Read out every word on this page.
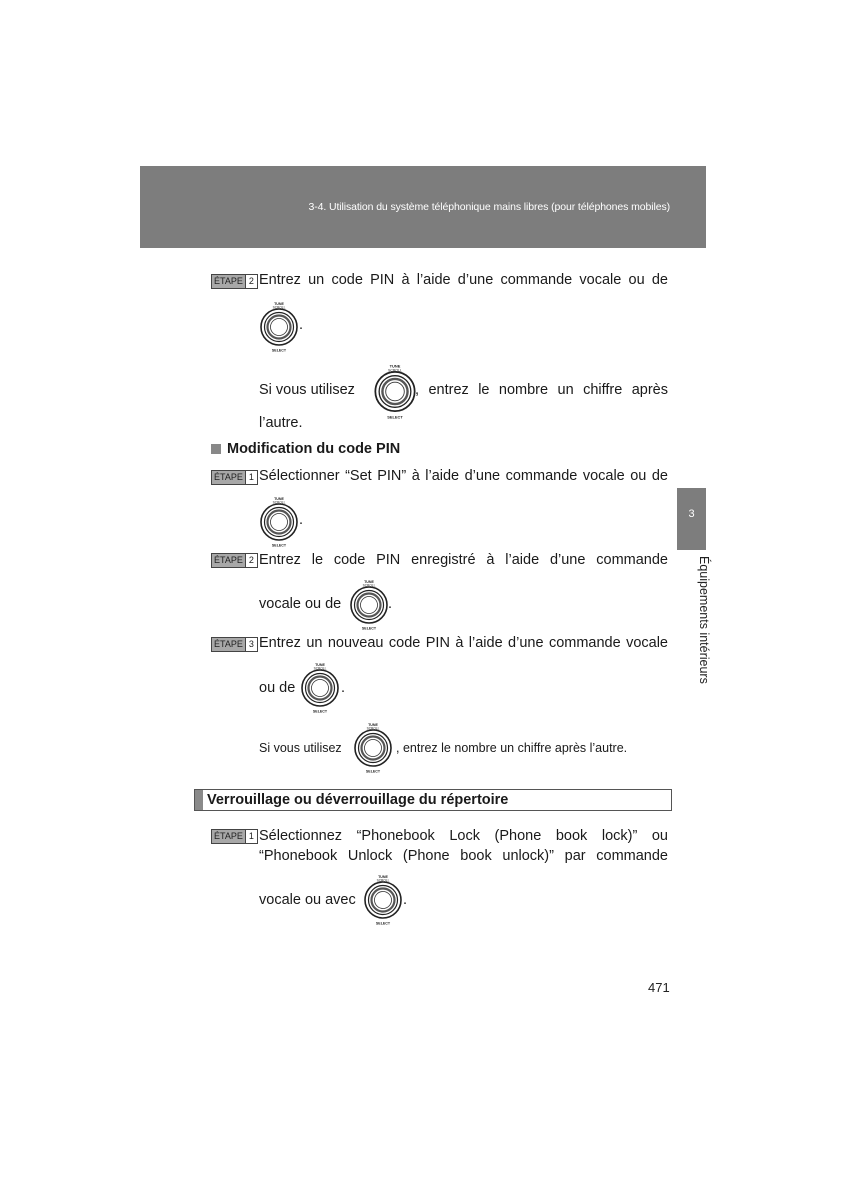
3-4. Utilisation du système téléphonique mains libres (pour téléphones mobiles)
3
Équipements intérieurs
ÉTAPE 2 Entrez un code PIN à l’aide d’une commande vocale ou de
TUNE
SCROLL
SELECT
.
Si vous utilisez
TUNE
SCROLL
SELECT
, entrez le nombre un chiffre après
l’autre.
Modification du code PIN
ÉTAPE 1 Sélectionner “Set PIN” à l’aide d’une commande vocale ou de
TUNE
SCROLL
SELECT
.
ÉTAPE 2 Entrez le code PIN enregistré à l’aide d’une commande
vocale ou de
TUNE
SCROLL
SELECT
.
ÉTAPE 3 Entrez un nouveau code PIN à l’aide d’une commande vocale
ou de
TUNE
SCROLL
SELECT
.
Si vous utilisez
TUNE
SCROLL
SELECT
, entrez le nombre un chiffre après l’autre.
Verrouillage ou déverrouillage du répertoire
ÉTAPE 1 Sélectionnez “Phonebook Lock (Phone book lock)” ou
“Phonebook Unlock (Phone book unlock)” par commande
vocale ou avec
TUNE
SCROLL
SELECT
.
471
